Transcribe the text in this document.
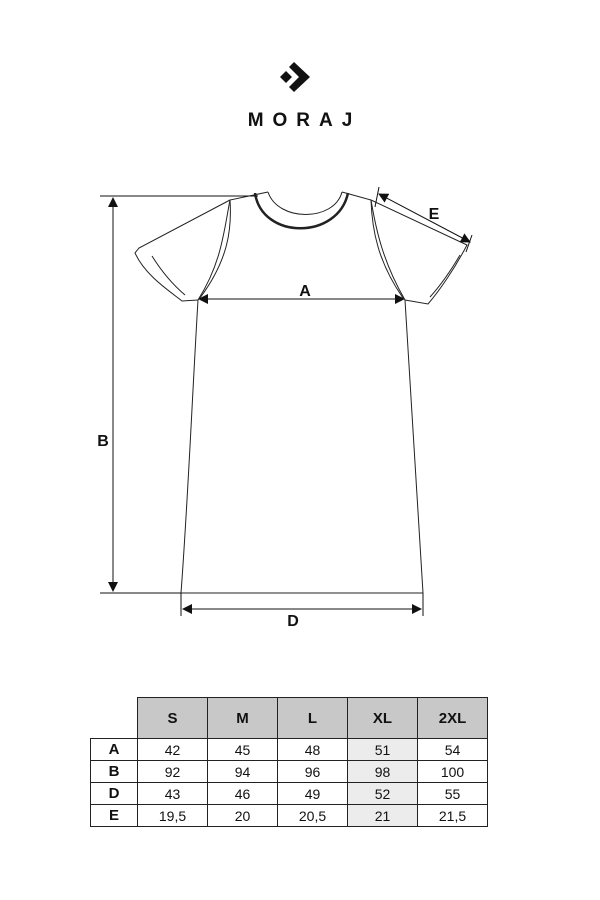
MORAJ
B
A
D
E
	S	M	L	XL	2XL
A	42	45	48	51	54
B	92	94	96	98	100
D	43	46	49	52	55
E	19,5	20	20,5	21	21,5
